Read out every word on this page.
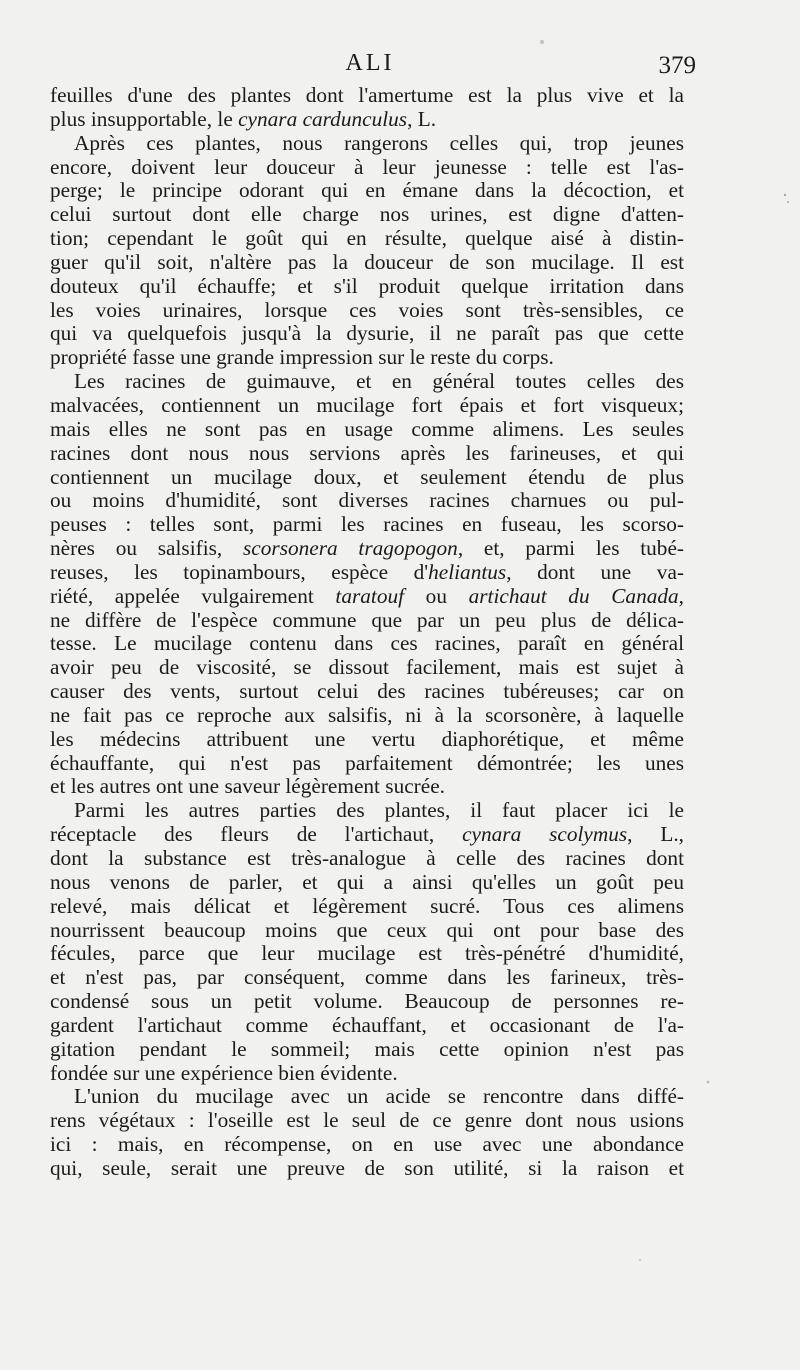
ALI	379
feuilles d'une des plantes dont l'amertume est la plus vive et la
plus insupportable, le cynara cardunculus, L.
Après ces plantes, nous rangerons celles qui, trop jeunes
encore, doivent leur douceur à leur jeunesse : telle est l'as-
perge; le principe odorant qui en émane dans la décoction, et
celui surtout dont elle charge nos urines, est digne d'atten-
tion; cependant le goût qui en résulte, quelque aisé à distin-
guer qu'il soit, n'altère pas la douceur de son mucilage. Il est
douteux qu'il échauffe; et s'il produit quelque irritation dans
les voies urinaires, lorsque ces voies sont très-sensibles, ce
qui va quelquefois jusqu'à la dysurie, il ne paraît pas que cette
propriété fasse une grande impression sur le reste du corps.
Les racines de guimauve, et en général toutes celles des
malvacées, contiennent un mucilage fort épais et fort visqueux;
mais elles ne sont pas en usage comme alimens. Les seules
racines dont nous nous servions après les farineuses, et qui
contiennent un mucilage doux, et seulement étendu de plus
ou moins d'humidité, sont diverses racines charnues ou pul-
peuses : telles sont, parmi les racines en fuseau, les scorso-
nères ou salsifis, scorsonera tragopogon, et, parmi les tubé-
reuses, les topinambours, espèce d'heliantus, dont une va-
riété, appelée vulgairement taratouf ou artichaut du Canada,
ne diffère de l'espèce commune que par un peu plus de délica-
tesse. Le mucilage contenu dans ces racines, paraît en général
avoir peu de viscosité, se dissout facilement, mais est sujet à
causer des vents, surtout celui des racines tubéreuses; car on
ne fait pas ce reproche aux salsifis, ni à la scorsonère, à laquelle
les médecins attribuent une vertu diaphorétique, et même
échauffante, qui n'est pas parfaitement démontrée; les unes
et les autres ont une saveur légèrement sucrée.
Parmi les autres parties des plantes, il faut placer ici le
réceptacle des fleurs de l'artichaut, cynara scolymus, L.,
dont la substance est très-analogue à celle des racines dont
nous venons de parler, et qui a ainsi qu'elles un goût peu
relevé, mais délicat et légèrement sucré. Tous ces alimens
nourrissent beaucoup moins que ceux qui ont pour base des
fécules, parce que leur mucilage est très-pénétré d'humidité,
et n'est pas, par conséquent, comme dans les farineux, très-
condensé sous un petit volume. Beaucoup de personnes re-
gardent l'artichaut comme échauffant, et occasionant de l'a-
gitation pendant le sommeil; mais cette opinion n'est pas
fondée sur une expérience bien évidente.
L'union du mucilage avec un acide se rencontre dans diffé-
rens végétaux : l'oseille est le seul de ce genre dont nous usions
ici : mais, en récompense, on en use avec une abondance
qui, seule, serait une preuve de son utilité, si la raison et
